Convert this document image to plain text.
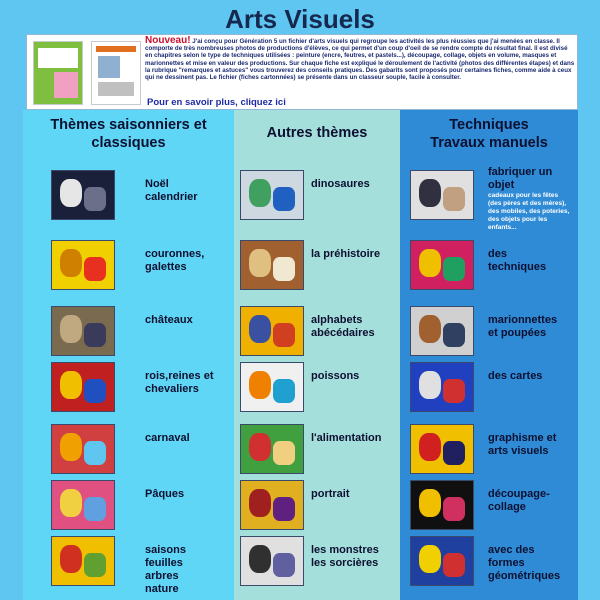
Arts Visuels
Nouveau! J'ai conçu pour Génération 5 un fichier d'arts visuels qui regroupe les activités les plus réussies que j'ai menées en classe. Il comporte de très nombreuses photos de productions d'élèves, ce qui permet d'un coup d'oeil de se rendre compte du résultat final. Il est divisé en chapitres selon le type de techniques utilisées : peinture (encre, feutres, et pastels...), découpage, collage, objets en volume, masques et marionnettes et mise en valeur des productions. Sur chaque fiche est expliqué le déroulement de l'activité (photos des différentes étapes) et dans la rubrique "remarques et astuces" vous trouverez des conseils pratiques. Des gabarits sont proposés pour certaines fiches, comme aide à ceux qui ne dessinent pas. Le fichier (fiches cartonnées) se présente dans un classeur souple, facile à consulter.
Pour en savoir plus, cliquez ici
Thèmes saisonniers et classiques
Noël
calendrier
couronnes,
galettes
châteaux
rois,reines et
chevaliers
carnaval
Pâques
saisons
feuilles
arbres
nature
Autres thèmes
dinosaures
la préhistoire
alphabets
abécédaires
poissons
l'alimentation
portrait
les monstres
les sorcières
Techniques
Travaux manuels
fabriquer un
objet
cadeaux pour les fêtes
(des pères et des mères),
des mobiles, des poteries,
des objets pour les
enfants...
des
techniques
marionnettes
et poupées
des cartes
graphisme et
arts visuels
découpage-
collage
avec des
formes
géométriques
